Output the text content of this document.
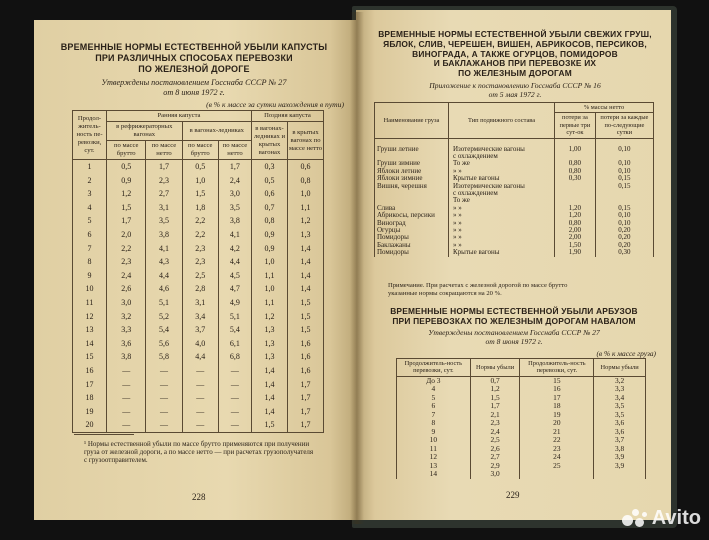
ВРЕМЕННЫЕ НОРМЫ ЕСТЕСТВЕННОЙ УБЫЛИ КАПУСТЫ
ПРИ РАЗЛИЧНЫХ СПОСОБАХ ПЕРЕВОЗКИ
ПО ЖЕЛЕЗНОЙ ДОРОГЕ
Утверждены постановлением Госснаба СССР № 27
от 8 июня 1972 г.
(в % к массе за сутки нахождения в пути)
Продол-житель-ность пе-ревозки, сут.	Ранняя капуста				Поздняя капуста	
	в рефрижераторных вагонах		в вагонах-ледниках		в вагонах-ледниках и крытых вагонах	в крытых вагонах по массе нетто
	по массе брутто	по массе нетто	по массе брутто	по массе нетто		
1	0,5	1,7	0,5	1,7	0,3	0,6
2	0,9	2,3	1,0	2,4	0,5	0,8
3	1,2	2,7	1,5	3,0	0,6	1,0
4	1,5	3,1	1,8	3,5	0,7	1,1
5	1,7	3,5	2,2	3,8	0,8	1,2
6	2,0	3,8	2,2	4,1	0,9	1,3
7	2,2	4,1	2,3	4,2	0,9	1,4
8	2,3	4,3	2,3	4,4	1,0	1,4
9	2,4	4,4	2,5	4,5	1,1	1,4
10	2,6	4,6	2,8	4,7	1,0	1,4
11	3,0	5,1	3,1	4,9	1,1	1,5
12	3,2	5,2	3,4	5,1	1,2	1,5
13	3,3	5,4	3,7	5,4	1,3	1,5
14	3,6	5,6	4,0	6,1	1,3	1,6
15	3,8	5,8	4,4	6,8	1,3	1,6
16	—	—	—	—	1,4	1,6
17	—	—	—	—	1,4	1,7
18	—	—	—	—	1,4	1,7
19	—	—	—	—	1,4	1,7
20	—	—	—	—	1,5	1,7
¹ Нормы естественной убыли по массе брутто применяются при получении
груза от железной дороги, а по массе нетто — при расчетах грузополучателя
с грузоотправителем.
228
ВРЕМЕННЫЕ НОРМЫ ЕСТЕСТВЕННОЙ УБЫЛИ СВЕЖИХ ГРУШ,
ЯБЛОК, СЛИВ, ЧЕРЕШЕН, ВИШЕН, АБРИКОСОВ, ПЕРСИКОВ,
ВИНОГРАДА, А ТАКЖЕ ОГУРЦОВ, ПОМИДОРОВ
И БАКЛАЖАНОВ ПРИ ПЕРЕВОЗКЕ ИХ
ПО ЖЕЛЕЗНЫМ ДОРОГАМ
Приложение к постановлению Госснаба СССР № 16
от 5 мая 1972 г.
Наименование груза	Тип подвижного состава	% массы нетто	
		потери за первые три сут-ок	потери за каждые по-следующие сутки

Груши летние	Изотермические вагоны	1,00	0,10
	с охлаждением		
Груши зимние	То же	0,80	0,10
Яблоки летние	» »	0,80	0,10
Яблоки зимние	Крытые вагоны	0,30	0,15
Вишня, черешня	Изотермические вагоны		0,15
	с охлаждением		
	То же		
Слива	» »	1,20	0,15
Абрикосы, персики	» »	1,20	0,10
Виноград	» »	0,80	0,10
Огурцы	» »	2,00	0,20
Помидоры	» »	2,00	0,20
Баклажаны	» »	1,50	0,20
Помидоры	Крытые вагоны	1,90	0,30
Примечание. При расчетах с железной дорогой по массе брутто
указанные нормы сокращаются на 20 %.
ВРЕМЕННЫЕ НОРМЫ ЕСТЕСТВЕННОЙ УБЫЛИ АРБУЗОВ
ПРИ ПЕРЕВОЗКАХ ПО ЖЕЛЕЗНЫМ ДОРОГАМ НАВАЛОМ
Утверждены постановлением Госснаба СССР № 27
от 8 июня 1972 г.
(в % к массе груза)
Продолжитель-ность перевозки, сут.	Нормы убыли	Продолжитель-ность перевозки, сут.	Нормы убыли
До 3	0,7	15	3,2
4	1,2	16	3,3
5	1,5	17	3,4
6	1,7	18	3,5
7	2,1	19	3,5
8	2,3	20	3,6
9	2,4	21	3,6
10	2,5	22	3,7
11	2,6	23	3,8
12	2,7	24	3,9
13	2,9	25	3,9
14	3,0		
229
Avito
